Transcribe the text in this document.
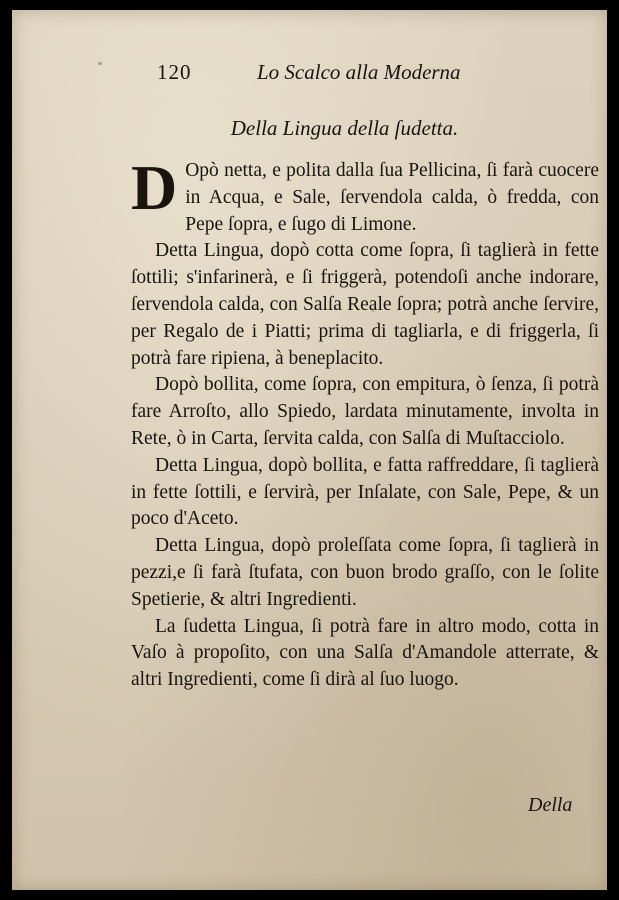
120	Lo Scalco alla Moderna
Della Lingua della ſudetta.

D Opò netta, e polita dalla ſua Pellicina, ſi farà cuocere in Acqua, e Sale, ſervendola calda, ò fredda, con Pepe ſopra, e ſugo di Limone.

Detta Lingua, dopò cotta come ſopra, ſi taglierà in fette ſottili; s'infarinerà, e ſi friggerà, potendoſi anche indorare, ſervendola calda, con Salſa Reale ſopra; potrà anche ſervire, per Regalo de i Piatti; prima di tagliarla, e di friggerla, ſi potrà fare ripiena, à beneplacito.

Dopò bollita, come ſopra, con empitura, ò ſenza, ſi potrà fare Arroſto, allo Spiedo, lardata minutamente, involta in Rete, ò in Carta, ſervita calda, con Salſa di Muſtacciolo.

Detta Lingua, dopò bollita, e fatta raffreddare, ſi taglierà in fette ſottili, e ſervirà, per Inſalate, con Sale, Pepe, & un poco d'Aceto.

Detta Lingua, dopò proleſſata come ſopra, ſi taglierà in pezzi,e ſi farà ſtufata, con buon brodo graſſo, con le ſolite Spetierie, & altri Ingredienti.

La ſudetta Lingua, ſi potrà fare in altro modo, cotta in Vaſo à propoſito, con una Salſa d'Amandole atterrate, & altri Ingredienti, come ſi dirà al ſuo luogo.

Della
